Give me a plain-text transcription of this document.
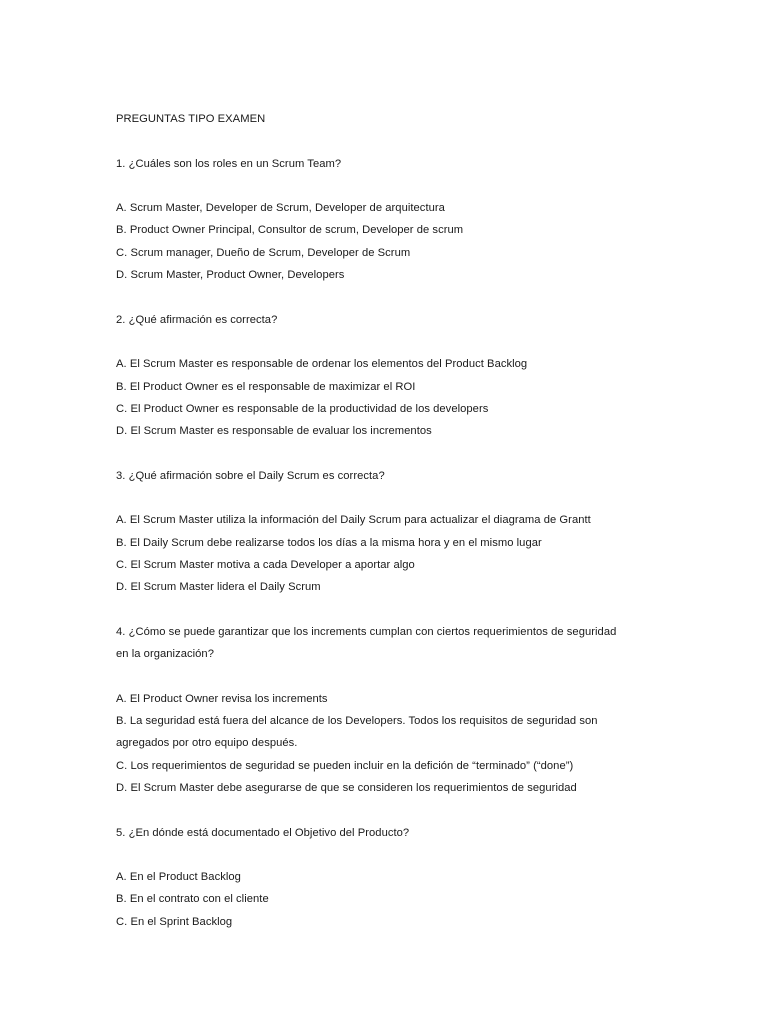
PREGUNTAS TIPO EXAMEN
1. ¿Cuáles son los roles en un Scrum Team?
A. Scrum Master, Developer de Scrum, Developer de arquitectura
B. Product Owner Principal, Consultor de scrum, Developer de scrum
C. Scrum manager, Dueño de Scrum, Developer de Scrum
D. Scrum Master, Product Owner, Developers
2. ¿Qué afirmación es correcta?
A. El Scrum Master es responsable de ordenar los elementos del Product Backlog
B. El Product Owner es el responsable de maximizar el ROI
C. El Product Owner es responsable de la productividad de los developers
D. El Scrum Master es responsable de evaluar los incrementos
3. ¿Qué afirmación sobre el Daily Scrum es correcta?
A. El Scrum Master utiliza la información del Daily Scrum para actualizar el diagrama de Grantt
B. El Daily Scrum debe realizarse todos los días a la misma hora y en el mismo lugar
C. El Scrum Master motiva a cada Developer a aportar algo
D. El Scrum Master lidera el Daily Scrum
4. ¿Cómo se puede garantizar que los increments cumplan con ciertos requerimientos de seguridad
en la organización?
A. El Product Owner revisa los increments
B. La seguridad está fuera del alcance de los Developers. Todos los requisitos de seguridad son
agregados por otro equipo después.
C. Los requerimientos de seguridad se pueden incluir en la defición de “terminado” (“done”)
D. El Scrum Master debe asegurarse de que se consideren los requerimientos de seguridad
5. ¿En dónde está documentado el Objetivo del Producto?
A. En el Product Backlog
B. En el contrato con el cliente
C. En el Sprint Backlog
